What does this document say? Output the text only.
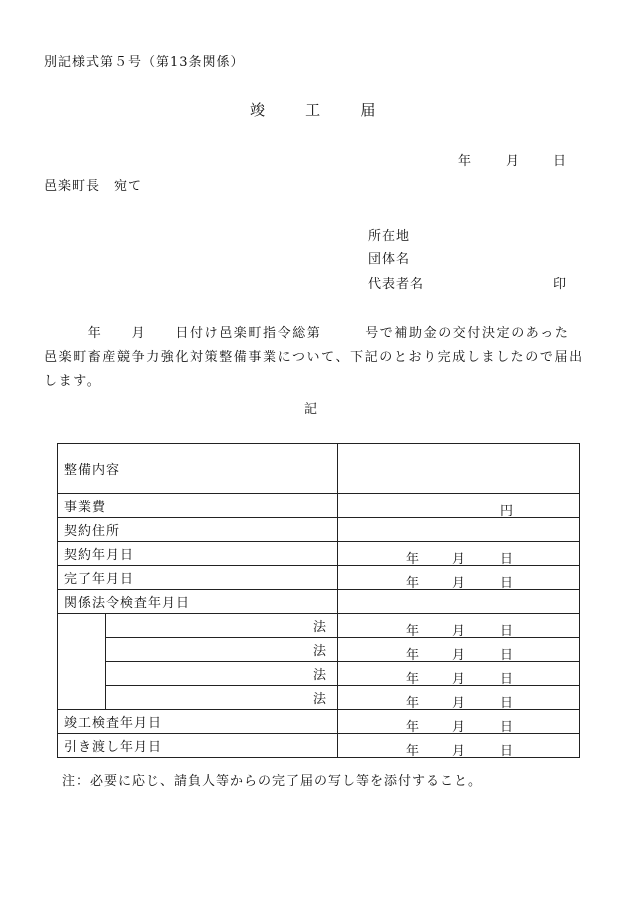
別記様式第５号（第13条関係）
竣	工	届
年	月	日
邑楽町長　宛て
所在地
団体名
代表者名	印
　　　年　　月　　日付け邑楽町指令総第　　　号で補助金の交付決定のあった邑楽町畜産競争力強化対策整備事業について、下記のとおり完成しましたので届出します。
記
整備内容		
事業費		円

契約住所		
契約年月日		年 月 日

完了年月日		年 月 日

関係法令検査年月日		
	法	年 月 日

	法	年 月 日

	法	年 月 日

	法	年 月 日

竣工検査年月日		年 月 日

引き渡し年月日		年 月 日
注：必要に応じ、請負人等からの完了届の写し等を添付すること。
